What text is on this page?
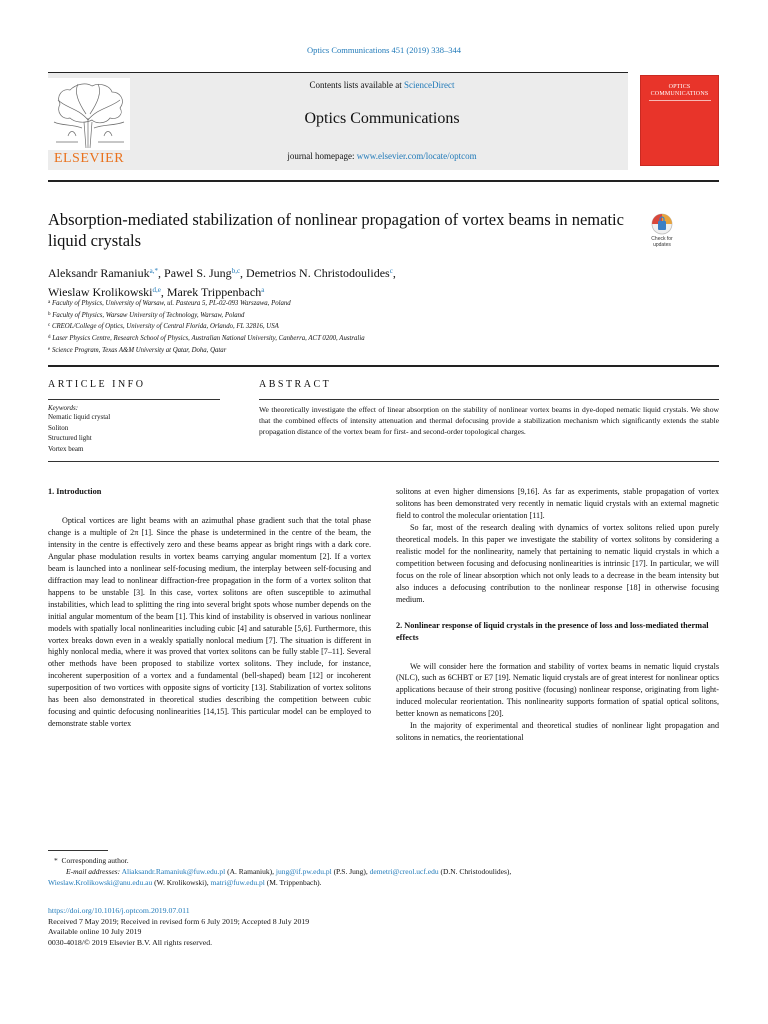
Optics Communications 451 (2019) 338–344
ELSEVIER
Contents lists available at ScienceDirect
Optics Communications
journal homepage: www.elsevier.com/locate/optcom
OPTICS COMMUNICATIONS
Absorption-mediated stabilization of nonlinear propagation of vortex beams in nematic liquid crystals	Check for updates
Aleksandr Ramaniuk$^{a,*}$, Pawel S. Jung$^{b,c}$, Demetrios N. Christodoulides$^c$,
Wieslaw Krolikowski$^{d,e}$, Marek Trippenbach$^a$
$^a$ Faculty of Physics, University of Warsaw, ul. Pasteura 5, PL-02-093 Warszawa, Poland
$^b$ Faculty of Physics, Warsaw University of Technology, Warsaw, Poland
$^c$ CREOL/College of Optics, University of Central Florida, Orlando, FL 32816, USA
$^d$ Laser Physics Centre, Research School of Physics, Australian National University, Canberra, ACT 0200, Australia
$^e$ Science Program, Texas A&M University at Qatar, Doha, Qatar
ARTICLE INFO	ABSTRACT
Keywords:
Nematic liquid crystal
Soliton
Structured light
Vortex beam
We theoretically investigate the effect of linear absorption on the stability of nonlinear vortex beams in dye-doped nematic liquid crystals. We show that the combined effects of intensity attenuation and thermal defocusing provide a stabilization mechanism which significantly extends the stable propagation distance of the vortex beam for first- and second-order topological charges.
1. Introduction
Optical vortices are light beams with an azimuthal phase gradient such that the total phase change is a multiple of 2π [1]. Since the phase is undetermined in the centre of the beam, the intensity in the centre is effectively zero and these beams appear as bright rings with a dark core. Angular phase modulation results in vortex beams carrying angular momentum [2]. If a vortex beam is launched into a nonlinear self-focusing medium, the interplay between self-focusing and diffraction may lead to nonlinear diffraction-free propagation in the form of a vortex soliton that happens to be unstable [3]. In this case, vortex solitons are often susceptible to azimuthal instabilities, which lead to splitting the ring into several bright spots whose number depends on the initial angular momentum of the beam [1]. This kind of instability is observed in various nonlinear models with spatially local nonlinearities including cubic [4] and saturable [5,6]. Furthermore, this vortex breaks down even in a weakly spatially nonlocal medium [7]. The situation is different in highly nonlocal media, where it was proved that vortex solitons can be fully stable [7–11]. Several other methods have been proposed to stabilize vortex solitons. They include, for instance, incoherent superposition of a vortex and a fundamental (bell-shaped) beam [12] or incoherent superposition of two vortices with opposite signs of vorticity [13]. Stabilization of vortex solitons has been also demonstrated in theoretical studies describing the competition between cubic focusing and quintic defocusing nonlinearities [14,15]. This particular model can be employed to demonstrate stable vortex
solitons at even higher dimensions [9,16]. As far as experiments, stable propagation of vortex solitons has been demonstrated very recently in nematic liquid crystals with an external magnetic field to control the molecular orientation [11].
So far, most of the research dealing with dynamics of vortex solitons relied upon purely theoretical models. In this paper we investigate the stability of vortex solitons by considering a realistic model for the nonlinearity, namely that pertaining to nematic liquid crystals in which a competition between focusing and defocusing nonlinearities is intrinsic [17]. In particular, we will focus on the role of linear absorption which not only leads to a decrease in the beam intensity but also induces a defocusing contribution to the nonlinear response [18] in otherwise focusing medium.
2. Nonlinear response of liquid crystals in the presence of loss and loss-mediated thermal effects
We will consider here the formation and stability of vortex beams in nematic liquid crystals (NLC), such as 6CHBT or E7 [19]. Nematic liquid crystals are of great interest for nonlinear optics applications because of their strong positive (focusing) nonlinear response, originating from light-induced molecular reorientation. This nonlinearity supports formation of spatial optical solitons, better known as nematicons [20].
In the majority of experimental and theoretical studies of nonlinear light propagation and solitons in nematics, the reorientational
*  Corresponding author.
E-mail addresses: Aliaksandr.Ramaniuk@fuw.edu.pl (A. Ramaniuk), jung@if.pw.edu.pl (P.S. Jung), demetri@creol.ucf.edu (D.N. Christodoulides),
Wieslaw.Krolikowski@anu.edu.au (W. Krolikowski), matri@fuw.edu.pl (M. Trippenbach).
https://doi.org/10.1016/j.optcom.2019.07.011
Received 7 May 2019; Received in revised form 6 July 2019; Accepted 8 July 2019
Available online 10 July 2019
0030-4018/© 2019 Elsevier B.V. All rights reserved.
